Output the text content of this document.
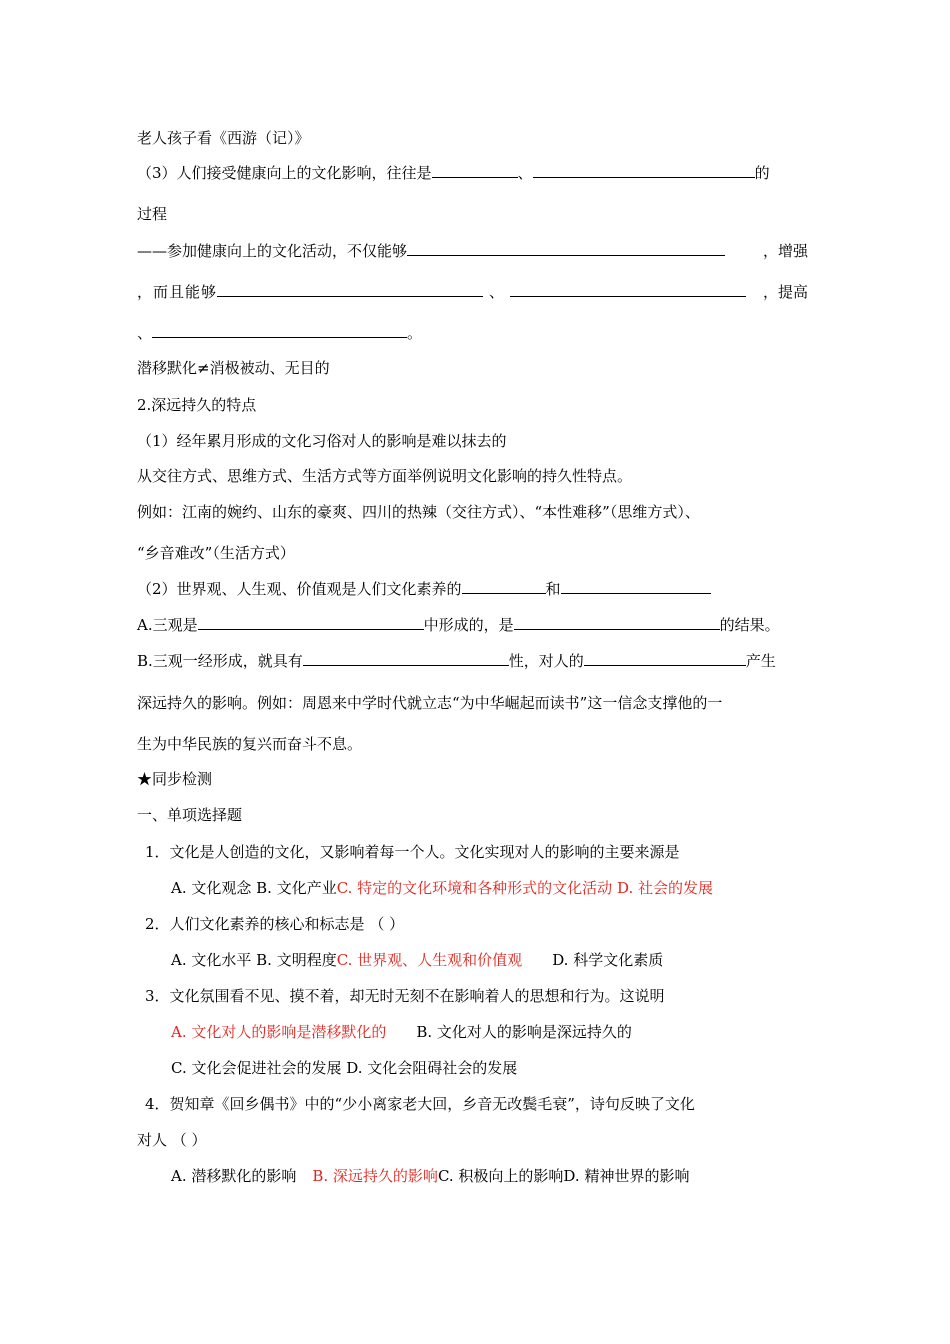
老人孩子看《西游（记）》
（3）人们接受健康向上的文化影响，往往是	、	的
过程
——参加健康向上的文化活动，不仅能够	，增强
，而且能够	、	，提高
、	。
潜移默化≠消极被动、无目的
2.深远持久的特点
（1）经年累月形成的文化习俗对人的影响是难以抹去的
从交往方式、思维方式、生活方式等方面举例说明文化影响的持久性特点。
例如：江南的婉约、山东的豪爽、四川的热辣（交往方式）、“本性难移”（思维方式）、
“乡音难改”（生活方式）
（2）世界观、人生观、价值观是人们文化素养的	和
A.三观是	中形成的，是	的结果。
B.三观一经形成，就具有	性，对人的	产生
深远持久的影响。例如：周恩来中学时代就立志“为中华崛起而读书”这一信念支撑他的一
生为中华民族的复兴而奋斗不息。
★同步检测
一、单项选择题
1．文化是人创造的文化，又影响着每一个人。文化实现对人的影响的主要来源是
A. 文化观念 B. 文化产业C. 特定的文化环境和各种形式的文化活动 D. 社会的发展
2．人们文化素养的核心和标志是 （ ）
A. 文化水平 B. 文明程度C. 世界观、人生观和价值观 D. 科学文化素质
3．文化氛围看不见、摸不着，却无时无刻不在影响着人的思想和行为。这说明
A. 文化对人的影响是潜移默化的 B. 文化对人的影响是深远持久的
C. 文化会促进社会的发展 D. 文化会阻碍社会的发展
4．贺知章《回乡偶书》中的“少小离家老大回，乡音无改鬓毛衰”，诗句反映了文化
对人 （ ）
A. 潜移默化的影响 B. 深远持久的影响C. 积极向上的影响D. 精神世界的影响
